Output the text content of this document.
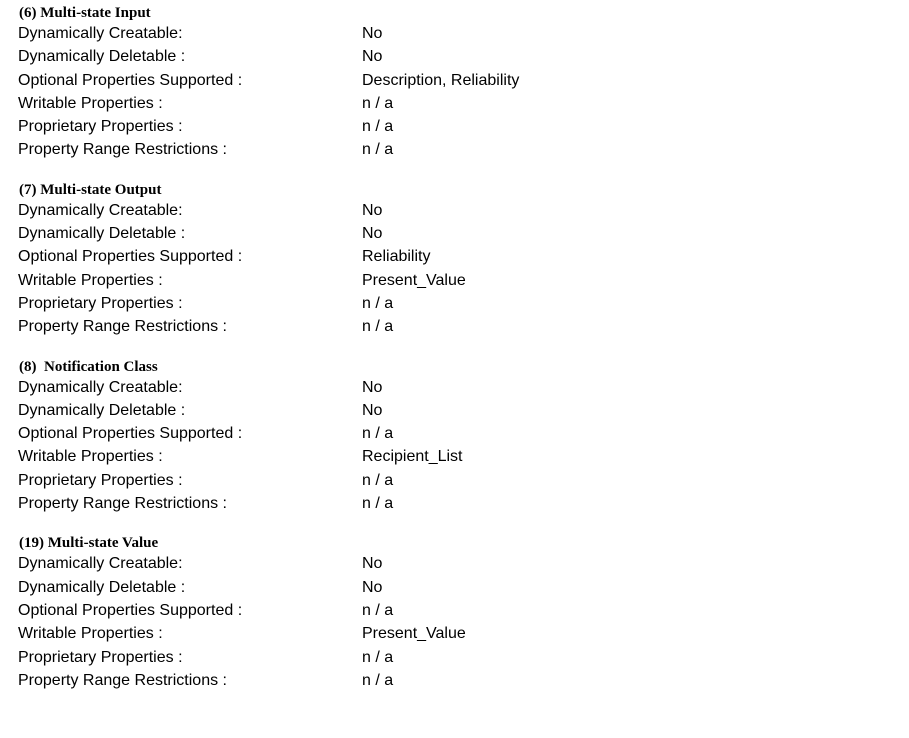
(6) Multi-state Input
Dynamically Creatable:	No
Dynamically Deletable :	No
Optional Properties Supported :	Description, Reliability
Writable Properties :	n / a
Proprietary Properties :	n / a
Property Range Restrictions :	n / a
(7) Multi-state Output
Dynamically Creatable:	No
Dynamically Deletable :	No
Optional Properties Supported :	Reliability
Writable Properties :	Present_Value
Proprietary Properties :	n / a
Property Range Restrictions :	n / a
(8)  Notification Class
Dynamically Creatable:	No
Dynamically Deletable :	No
Optional Properties Supported :	n / a
Writable Properties :	Recipient_List
Proprietary Properties :	n / a
Property Range Restrictions :	n / a
(19) Multi-state Value
Dynamically Creatable:	No
Dynamically Deletable :	No
Optional Properties Supported :	n / a
Writable Properties :	Present_Value
Proprietary Properties :	n / a
Property Range Restrictions :	n / a
